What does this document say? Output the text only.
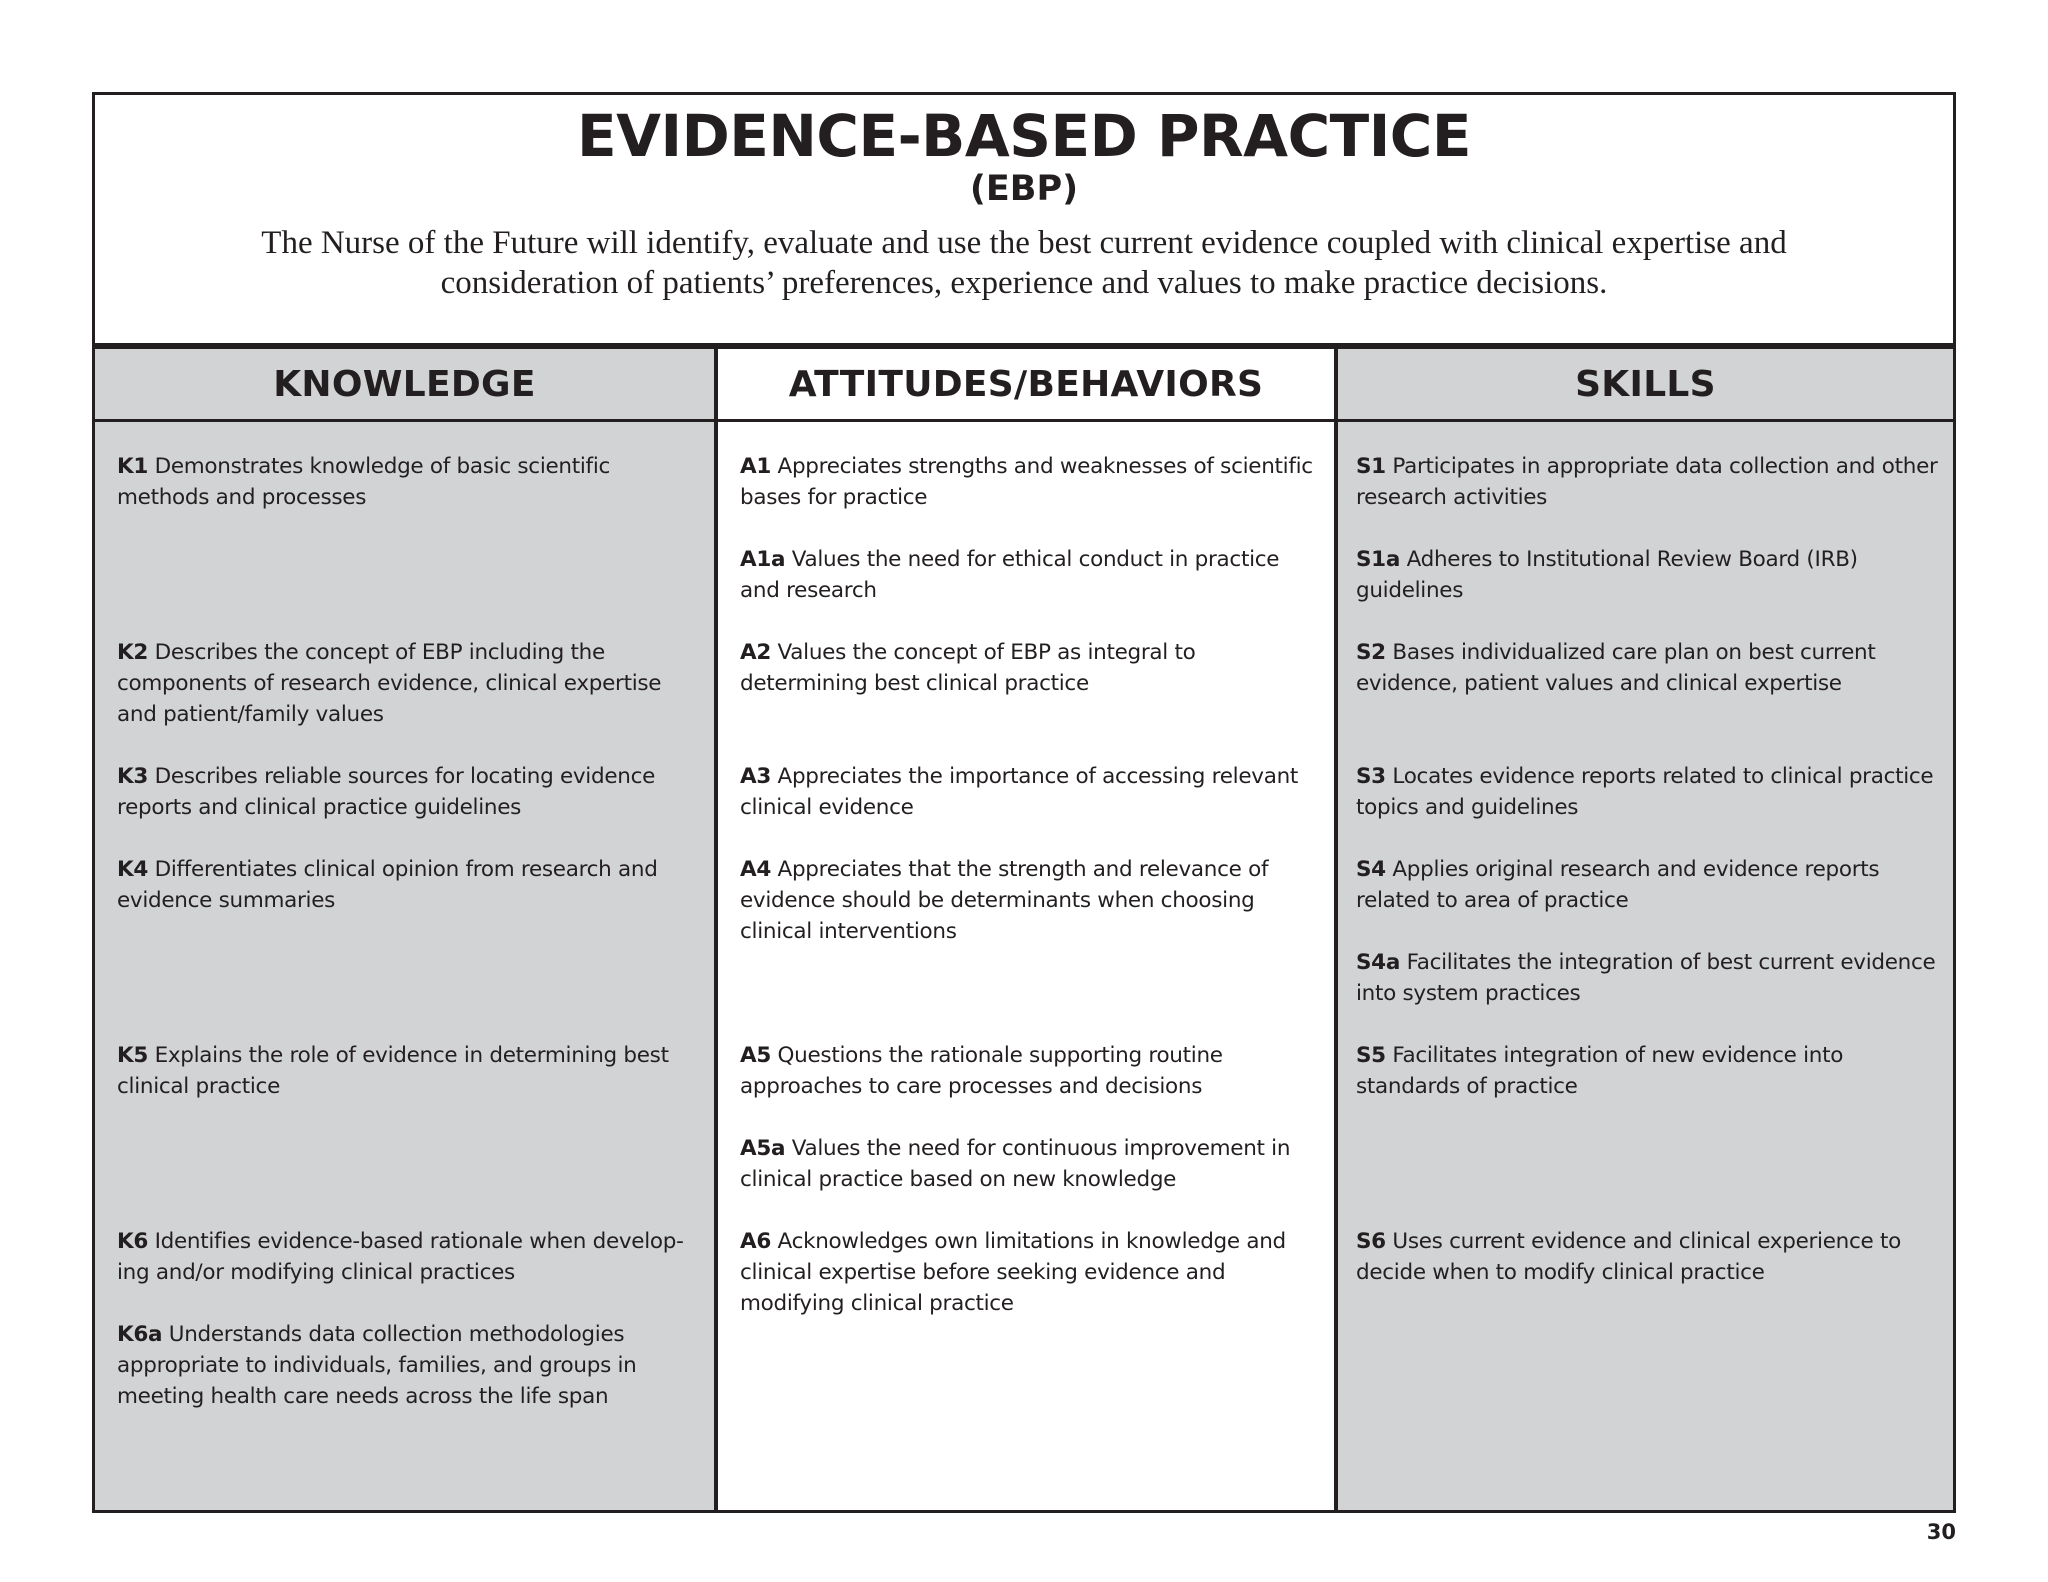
EVIDENCE-BASED PRACTICE
(EBP)
The Nurse of the Future will identify, evaluate and use the best current evidence coupled with clinical expertise and consideration of patients’ preferences, experience and values to make practice decisions.
KNOWLEDGE
K1 Demonstrates knowledge of basic scientific methods and processes
K2 Describes the concept of EBP including the components of research evidence, clinical expertise and patient/family values
K3 Describes reliable sources for locating evidence reports and clinical practice guidelines
K4 Differentiates clinical opinion from research and evidence summaries
K5 Explains the role of evidence in determining best clinical practice
K6 Identifies evidence-based rationale when develop-ing and/or modifying clinical practices
K6a Understands data collection methodologies appropriate to individuals, families, and groups in meeting health care needs across the life span
ATTITUDES/BEHAVIORS
A1 Appreciates strengths and weaknesses of scientific bases for practice
A1a Values the need for ethical conduct in practice and research
A2 Values the concept of EBP as integral to determining best clinical practice
A3 Appreciates the importance of accessing relevant clinical evidence
A4 Appreciates that the strength and relevance of evidence should be determinants when choosing clinical interventions
A5 Questions the rationale supporting routine approaches to care processes and decisions
A5a Values the need for continuous improvement in clinical practice based on new knowledge
A6 Acknowledges own limitations in knowledge and clinical expertise before seeking evidence and modifying clinical practice
SKILLS
S1 Participates in appropriate data collection and other research activities
S1a Adheres to Institutional Review Board (IRB) guidelines
S2 Bases individualized care plan on best current evidence, patient values and clinical expertise
S3 Locates evidence reports related to clinical practice topics and guidelines
S4 Applies original research and evidence reports related to area of practice
S4a Facilitates the integration of best current evidence into system practices
S5 Facilitates integration of new evidence into standards of practice
S6 Uses current evidence and clinical experience to decide when to modify clinical practice
30
